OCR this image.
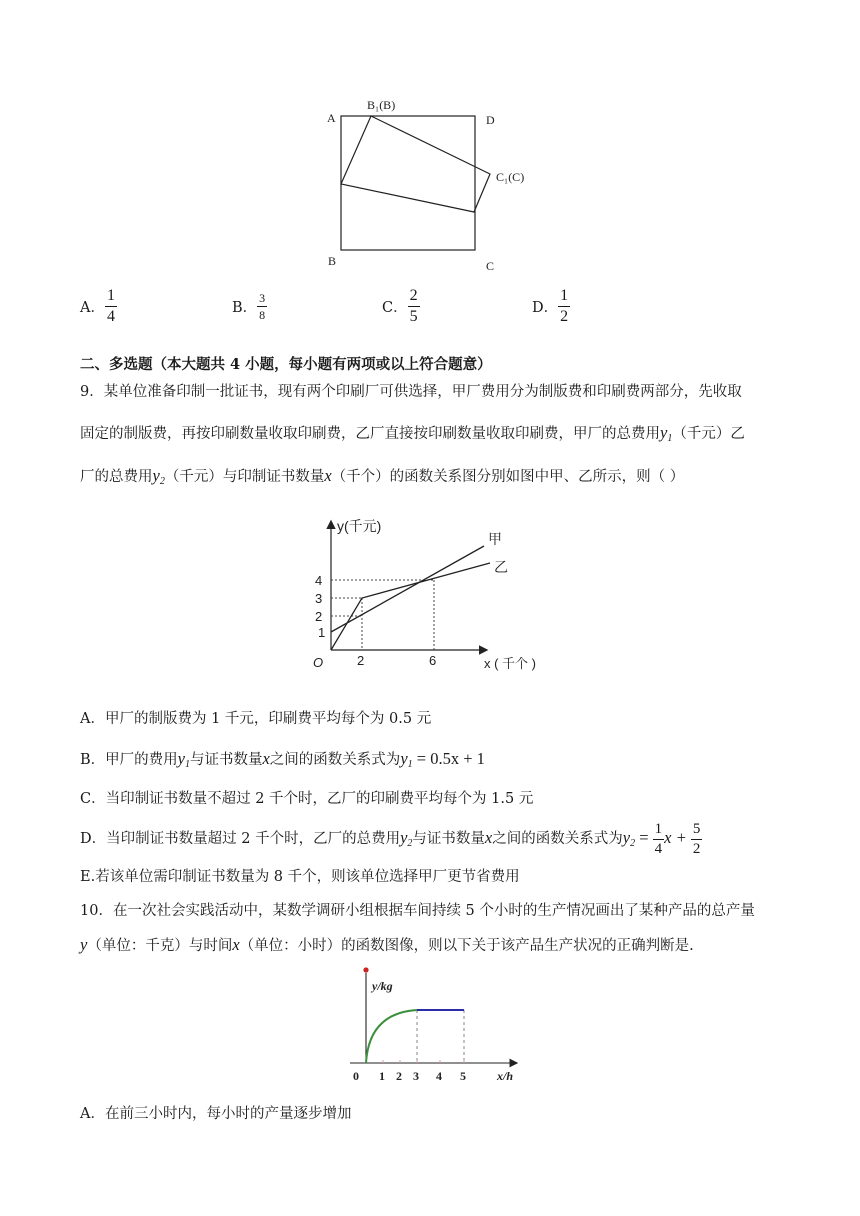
A
B	C
D
B₁(B)
C₁(C)
A． $\frac{1}{4}$	B． $\frac{3}{8}$	C． $\frac{2}{5}$	D． $\frac{1}{2}$
二、多选题（本大题共 4 小题，每小题有两项或以上符合题意）
9．某单位准备印制一批证书，现有两个印刷厂可供选择，甲厂费用分为制版费和印刷费两部分，先收取
固定的制版费，再按印刷数量收取印刷费，乙厂直接按印刷数量收取印刷费，甲厂的总费用$y_1$（千元）乙
厂的总费用$y_2$（千元）与印制证书数量x（千个）的函数关系图分别如图中甲、乙所示，则（ ）
y(千元)
x ( 千个 )
O
甲
乙
2	6
1
2
3
4
A．甲厂的制版费为 1 千元，印刷费平均每个为 0.5 元
B．甲厂的费用$y_1$与证书数量x之间的函数关系式为$y_1 = 0.5x + 1$
C．当印制证书数量不超过 2 千个时，乙厂的印刷费平均每个为 1.5 元
D．当印制证书数量超过 2 千个时，乙厂的总费用$y_2$与证书数量x之间的函数关系式为$y_2 = \frac{1}{4}$ $x + \frac{5}{2}$
E.若该单位需印制证书数量为 8 千个，则该单位选择甲厂更节省费用
10．在一次社会实践活动中，某数学调研小组根据车间持续 5 个小时的生产情况画出了某种产品的总产量
y（单位：千克）与时间x（单位：小时）的函数图像，则以下关于该产品生产状况的正确判断是.
y/kg
x/h
0 1 2 3 4 5
A．在前三小时内，每小时的产量逐步增加
